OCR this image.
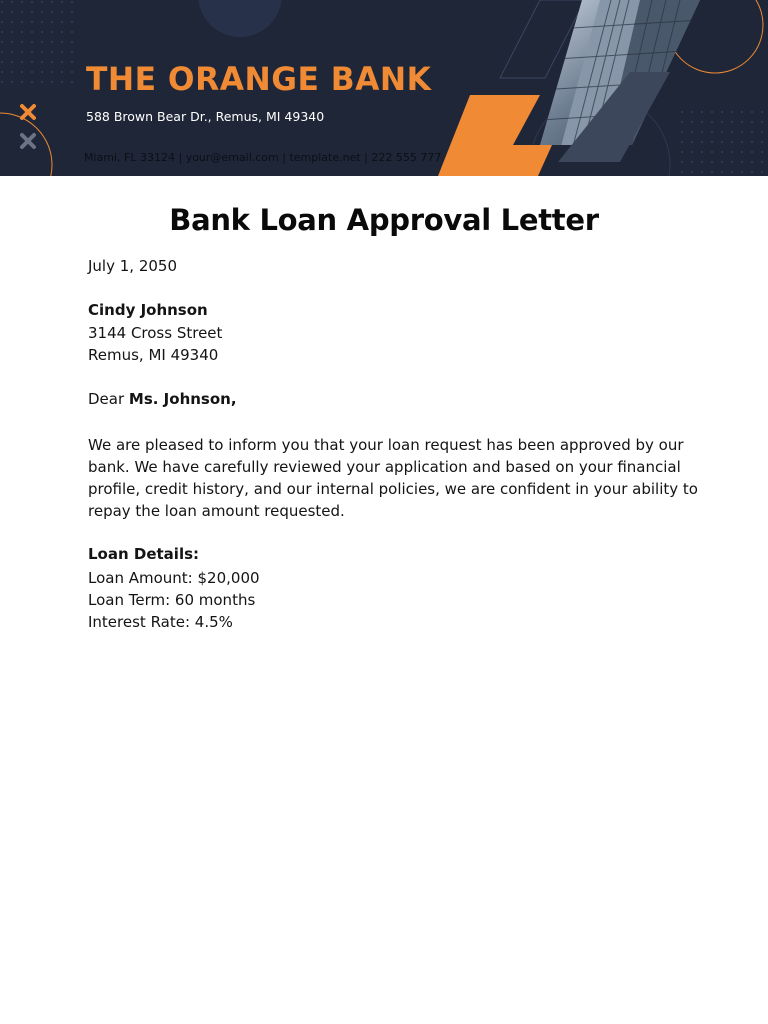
THE ORANGE BANK
588 Brown Bear Dr., Remus, MI 49340
Miami, FL 33124 | your@email.com | template.net | 222 555 777
Bank Loan Approval Letter

July 1, 2050

Cindy Johnson

3144 Cross Street

Remus, MI 49340

Dear Ms. Johnson,

We are pleased to inform you that your loan request has been approved by our
bank. We have carefully reviewed your application and based on your financial
profile, credit history, and our internal policies, we are confident in your ability to
repay the loan amount requested.

Loan Details:

Loan Amount: $20,000

Loan Term: 60 months

Interest Rate: 4.5%
